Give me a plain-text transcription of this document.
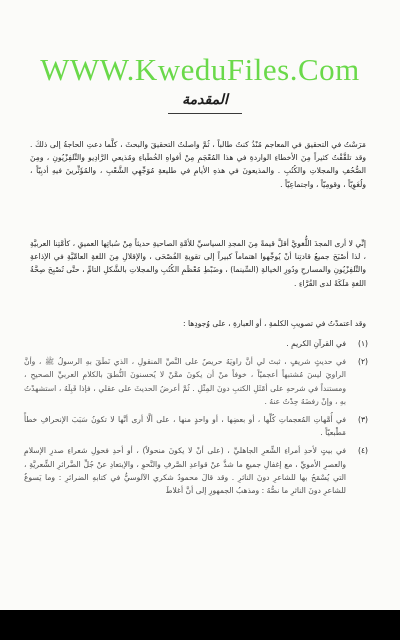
WWW.KweduFiles.Com
المقدمة

مَرَسْتُ في التحقيق في المعاجم مُنْذُ كنتُ طالباً ، ثُمَّ واصلتُ التحقيقَ والبحثَ ، كلَّما دعتِ الحاجةُ إلى ذلكَ . وقد تلقَّفْتُ كثيراً مِنَ الأخطاءِ الواردةِ في هذا المُعْجَمِ مِنْ أفواهِ الخُطَباءِ ومُذيعي الرَّادِيو والتِّلفِزْيُونِ ، ومِنَ الصُّحُفِ والمجلاتِ والكُتُبِ . والمذيعونَ في هذهِ الأيامِ في طليعةِ مُوَجِّهِي الشَّعْبِ ، والمُؤَثِّرينَ فيهِ أدبِيّاً ، ولُغَوِيّاً ، وقومِيّاً ، واجتماعِيّاً .

إنِّي لا أرى المجدَ اللُّغويَّ أقلَّ قيمةً مِنَ المجدِ السياسيِّ للأمَّةِ الصاحيةِ حديثاً مِنْ سُباتِها العميقِ ، كأمَّتِنا العربيَّةِ ، لذا أصْبَحَ جميعُ قادتِنا أنْ يُوجِّهوا اهتماماً كبيراً إلى تقويةِ الفُصْحَى ، والإقلالِ مِنَ اللغةِ العامِّيَّةِ في الإذاعةِ والتِّلفِزْيُونِ والمسارحِ ودُورِ الخيالةِ (السِّينما) ، وضَبْطِ مُعْظَمِ الكُتُبِ والمجلاتِ بالشَّكلِ التامِّ ، حتَّى تُصْبِحَ صِحَّةُ اللغةِ مَلَكَةً لدى القُرَّاءِ .

وقد اعتمدْتُ في تصويبِ الكلمةِ ، أو العبارةِ ، على وُجودِها :

(١)

في القرآنِ الكريمِ .

(٢)

في حديثٍ شريفٍ ، ثبتَ لي أنَّ راويَهُ حريصٌ على النَّصِّ المنقولِ ، الذي نَطَقَ بهِ الرسولُ ﷺ ، وأنَّ الراويَ ليسَ مُشتبهاً أعجميّاً ، خوفاً منْ أن يكونَ ممَّنْ لا يُحسنونَ النُّطقَ بالكلامِ العربيِّ الصحيحِ ، ومستنداً في شرحهِ على أمْثَلِ الكتبِ دونَ المِثْلِ . ثُمَّ أعرضُ الحديثَ على عقلي ، فإذا قَبِلَهُ ، استشهدْتُ بهِ ، وإنْ رفضَهُ حِدْتُ عنهُ .

(٣)

في أُمَّهاتِ المُعجماتِ كُلِّها ، أو بعضِها ، أو واحدٍ منها ، على ألَّا أرى أنَّها لا تكونُ سَبَبَ الإنحرافِ خطأً مَطْبعيّاً .

(٤)

في بيتٍ لأحدِ أمراءِ الشِّعرِ الجاهليِّ ، (على أنْ لا يكونَ منحولاً) ، أو أحدِ فحولِ شعراءِ صدرِ الإسلامِ والعصرِ الأمويِّ ، مع إغفالِ جميعِ ما شذَّ عنْ قواعدِ الصَّرفِ والنَّحوِ ، والإبتعادِ عنْ جُلِّ الضَّرائرِ الشِّعريَّةِ ، التي يُسْمَحُ بها للشاعرِ دونَ الناثرِ . وقد قالَ محمودُ شكري الآلوسيُّ في كتابهِ الضرائرِ : وما يَسوغُ للشاعرِ دونَ الناثرِ ما نصُّهُ : ومذهبُ الجمهورِ إلى أنَّ أغلاطَ
